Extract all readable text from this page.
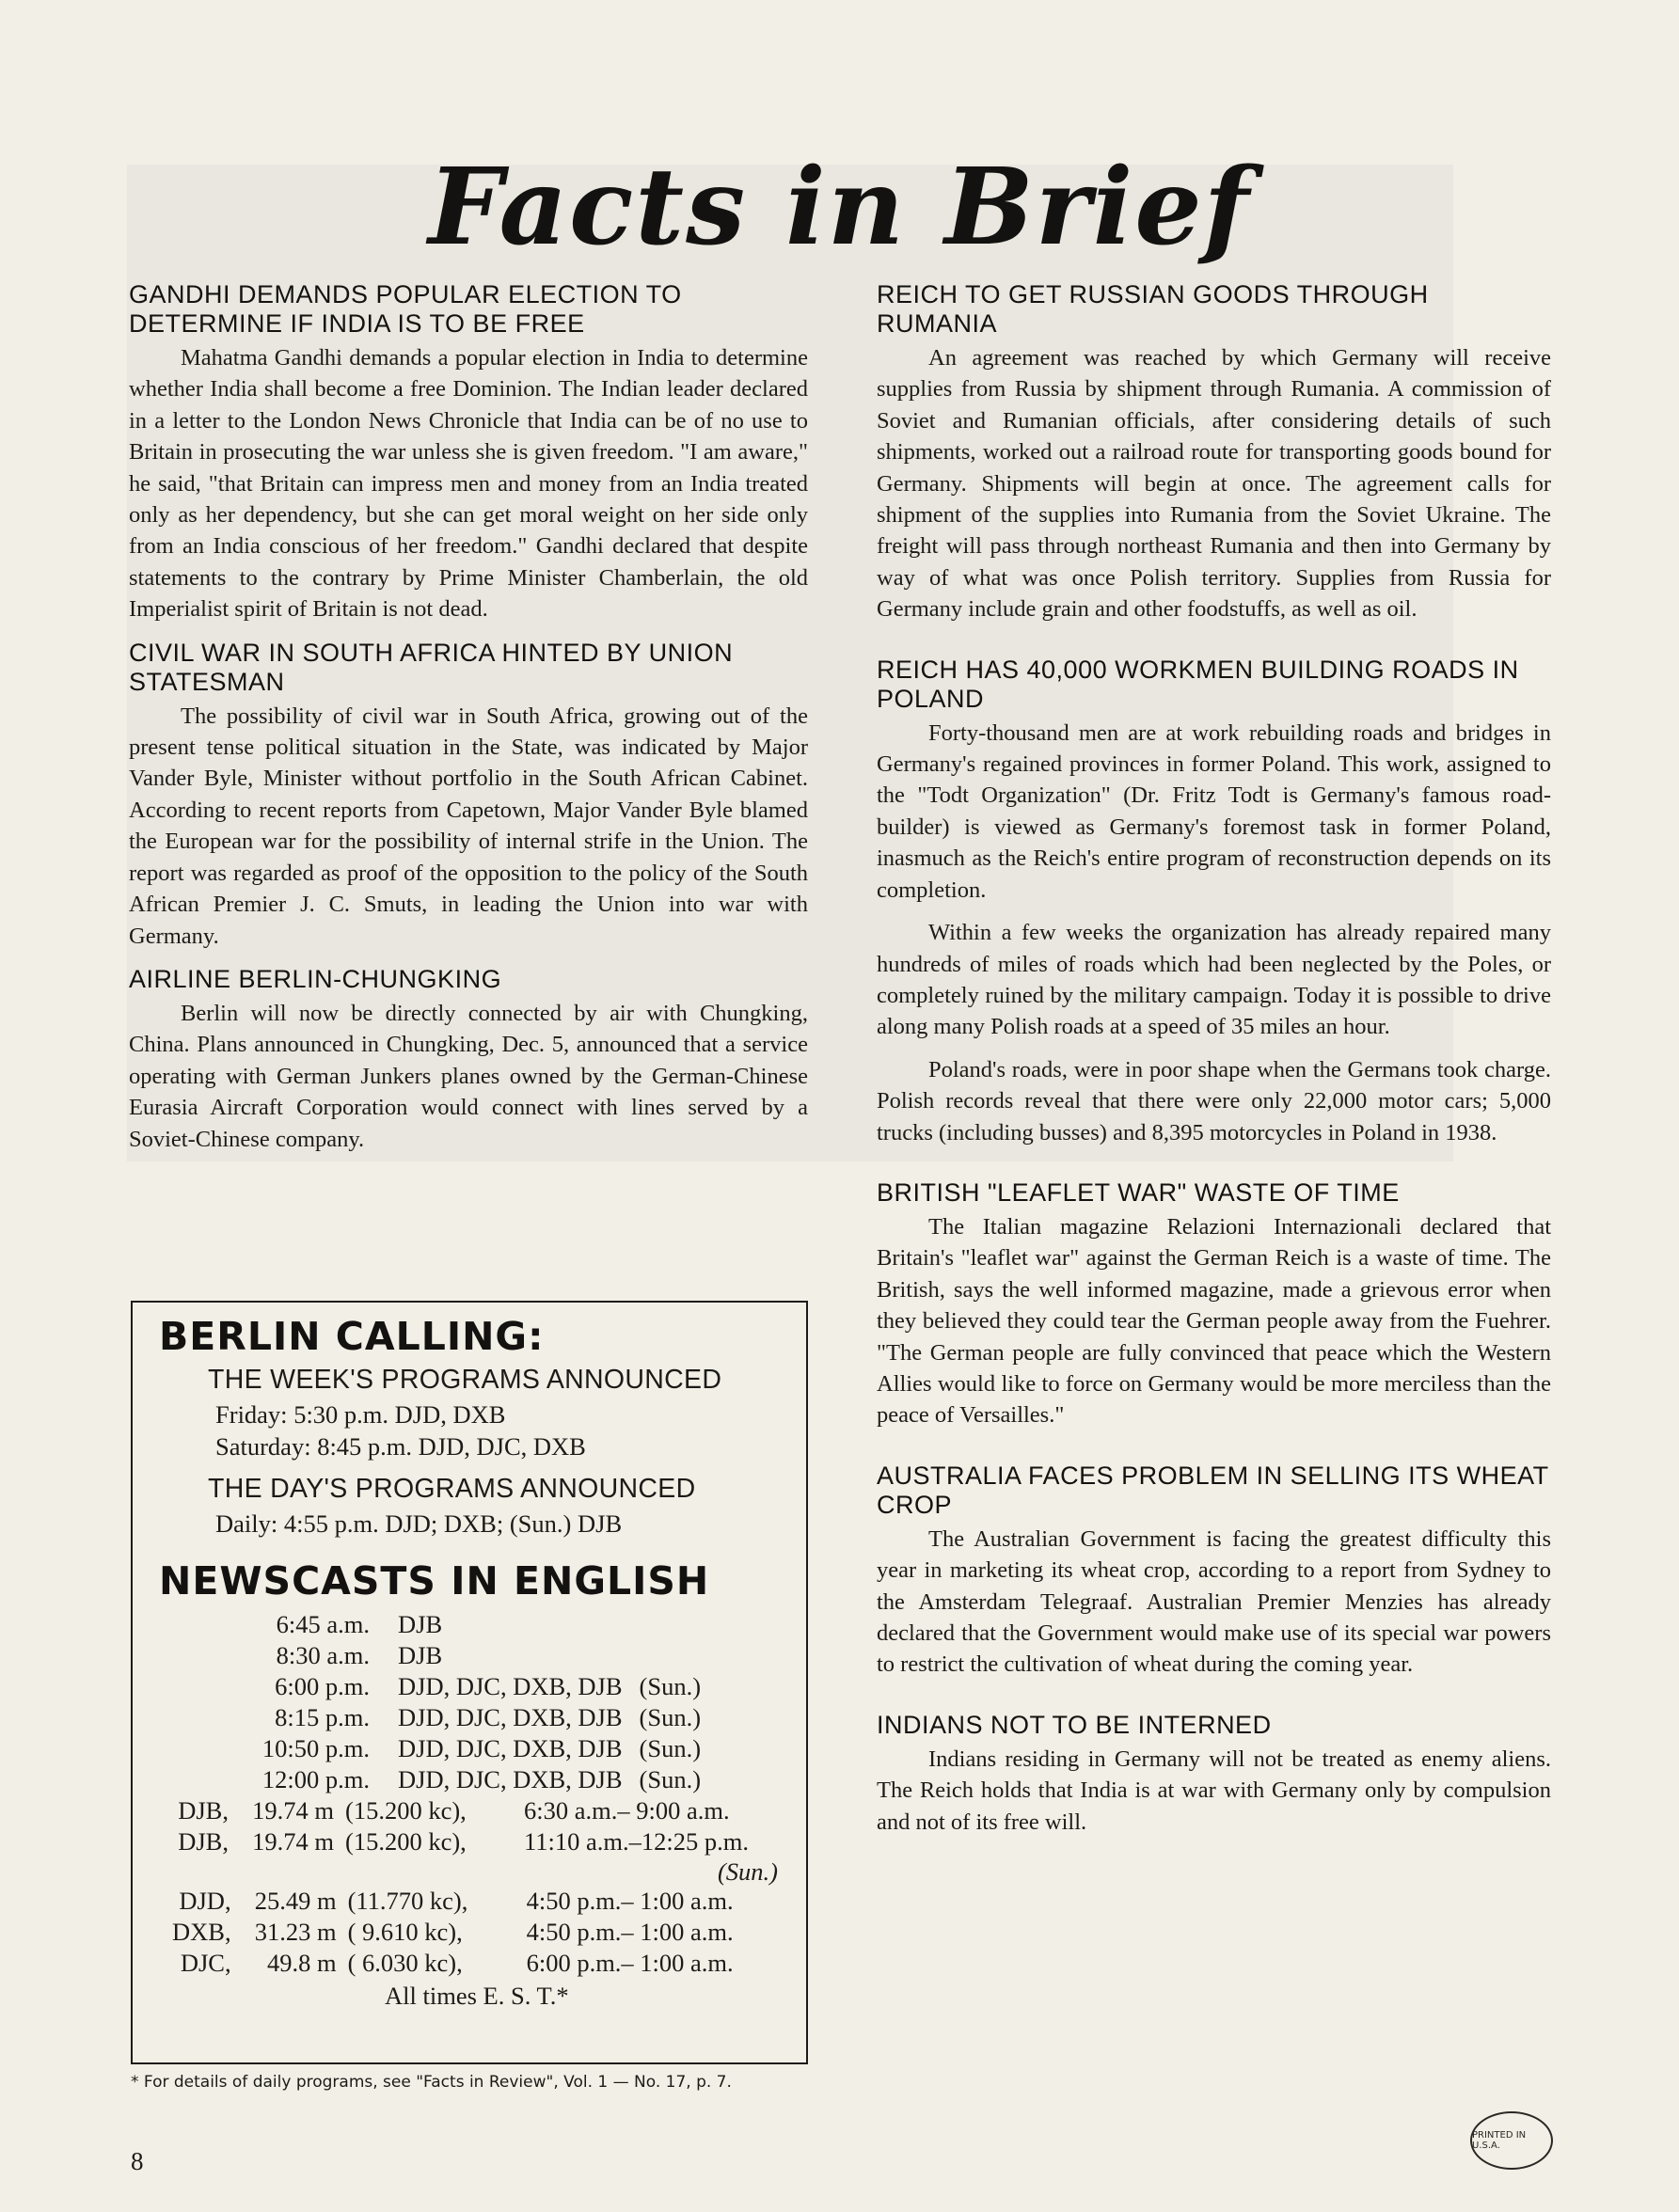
Facts in Brief
GANDHI DEMANDS POPULAR ELECTION TO DETERMINE IF INDIA IS TO BE FREE

Mahatma Gandhi demands a popular election in India to determine whether India shall become a free Dominion. The Indian leader declared in a letter to the London News Chronicle that India can be of no use to Britain in prosecuting the war unless she is given freedom. "I am aware," he said, "that Britain can impress men and money from an India treated only as her dependency, but she can get moral weight on her side only from an India conscious of her freedom." Gandhi declared that despite statements to the contrary by Prime Minister Chamberlain, the old Imperialist spirit of Britain is not dead.

CIVIL WAR IN SOUTH AFRICA HINTED BY UNION STATESMAN

The possibility of civil war in South Africa, growing out of the present tense political situation in the State, was indicated by Major Vander Byle, Minister without portfolio in the South African Cabinet. According to recent reports from Capetown, Major Vander Byle blamed the European war for the possibility of internal strife in the Union. The report was regarded as proof of the opposition to the policy of the South African Premier J. C. Smuts, in leading the Union into war with Germany.

AIRLINE BERLIN-CHUNGKING

Berlin will now be directly connected by air with Chungking, China. Plans announced in Chungking, Dec. 5, announced that a service operating with German Junkers planes owned by the German-Chinese Eurasia Aircraft Corporation would connect with lines served by a Soviet-Chinese company.

BERLIN CALLING:
THE WEEK'S PROGRAMS ANNOUNCED
Friday: 5:30 p.m. DJD, DXB
Saturday: 8:45 p.m. DJD, DJC, DXB
THE DAY'S PROGRAMS ANNOUNCED
Daily: 4:55 p.m. DJD; DXB; (Sun.) DJB
NEWSCASTS IN ENGLISH
6:45 a.m.	DJB	
8:30 a.m.	DJB	
6:00 p.m.	DJD, DJC, DXB, DJB	(Sun.)
8:15 p.m.	DJD, DJC, DXB, DJB	(Sun.)
10:50 p.m.	DJD, DJC, DXB, DJB	(Sun.)
12:00 p.m.	DJD, DJC, DXB, DJB	(Sun.)
DJB,	19.74 m	(15.200 kc),	6:30 a.m.– 9:00 a.m.
DJB,	19.74 m	(15.200 kc),	11:10 a.m.–12:25 p.m.
(Sun.)
DJD,	25.49 m	(11.770 kc),	4:50 p.m.– 1:00 a.m.
DXB,	31.23 m	( 9.610 kc),	4:50 p.m.– 1:00 a.m.
DJC,	49.8 m	( 6.030 kc),	6:00 p.m.– 1:00 a.m.
All times E. S. T.*
* For details of daily programs, see "Facts in Review", Vol. 1 — No. 17, p. 7.
REICH TO GET RUSSIAN GOODS THROUGH RUMANIA

An agreement was reached by which Germany will receive supplies from Russia by shipment through Rumania. A commission of Soviet and Rumanian officials, after considering details of such shipments, worked out a railroad route for transporting goods bound for Germany. Shipments will begin at once. The agreement calls for shipment of the supplies into Rumania from the Soviet Ukraine. The freight will pass through northeast Rumania and then into Germany by way of what was once Polish territory. Supplies from Russia for Germany include grain and other foodstuffs, as well as oil.

REICH HAS 40,000 WORKMEN BUILDING ROADS IN POLAND

Forty-thousand men are at work rebuilding roads and bridges in Germany's regained provinces in former Poland. This work, assigned to the "Todt Organization" (Dr. Fritz Todt is Germany's famous road-builder) is viewed as Germany's foremost task in former Poland, inasmuch as the Reich's entire program of reconstruction depends on its completion.

Within a few weeks the organization has already repaired many hundreds of miles of roads which had been neglected by the Poles, or completely ruined by the military campaign. Today it is possible to drive along many Polish roads at a speed of 35 miles an hour.

Poland's roads, were in poor shape when the Germans took charge. Polish records reveal that there were only 22,000 motor cars; 5,000 trucks (including busses) and 8,395 motorcycles in Poland in 1938.

BRITISH "LEAFLET WAR" WASTE OF TIME

The Italian magazine Relazioni Internazionali declared that Britain's "leaflet war" against the German Reich is a waste of time. The British, says the well informed magazine, made a grievous error when they believed they could tear the German people away from the Fuehrer. "The German people are fully convinced that peace which the Western Allies would like to force on Germany would be more merciless than the peace of Versailles."

AUSTRALIA FACES PROBLEM IN SELLING ITS WHEAT CROP

The Australian Government is facing the greatest difficulty this year in marketing its wheat crop, according to a report from Sydney to the Amsterdam Telegraaf. Australian Premier Menzies has already declared that the Government would make use of its special war powers to restrict the cultivation of wheat during the coming year.

INDIANS NOT TO BE INTERNED

Indians residing in Germany will not be treated as enemy aliens. The Reich holds that India is at war with Germany only by compulsion and not of its free will.

8
PRINTED IN U.S.A.
